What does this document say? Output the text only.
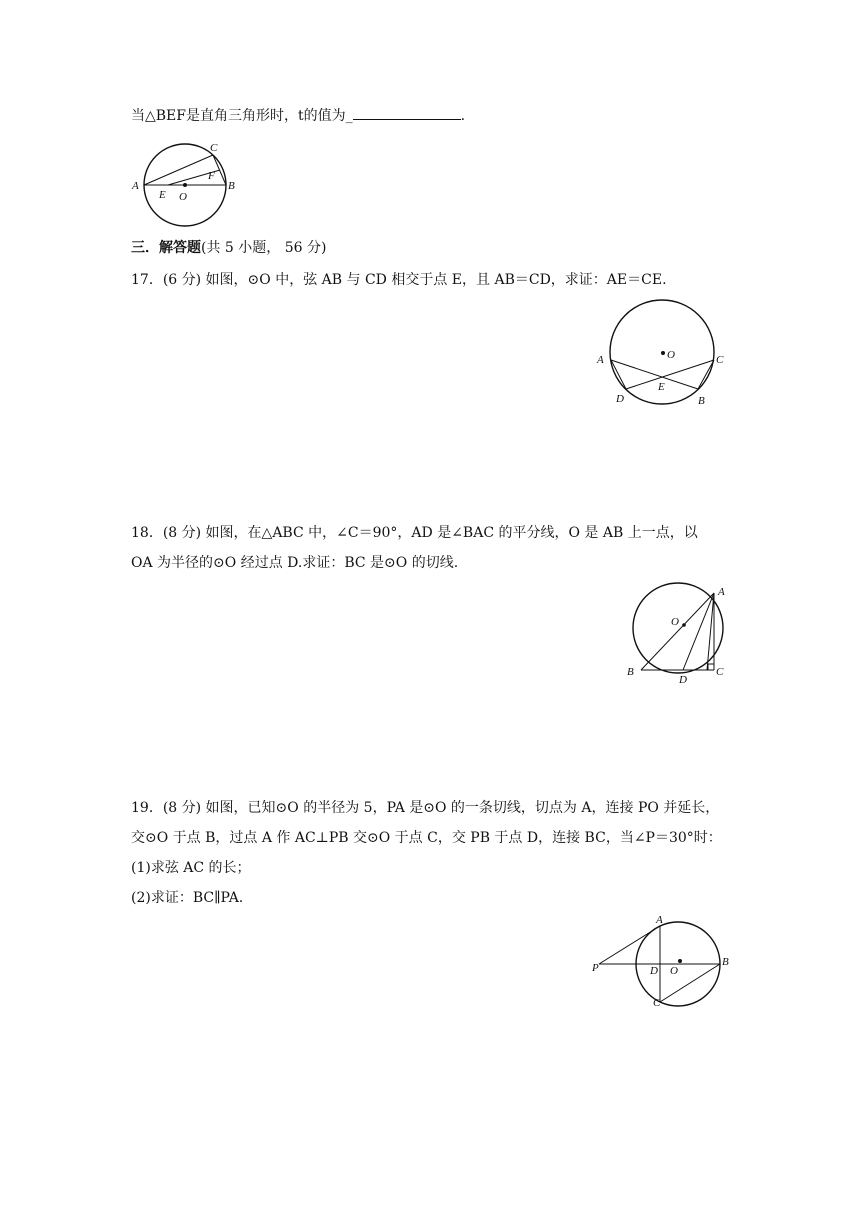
当△BEF是直角三角形时，t的值为_	.
A
C
F
B
E O
三．解答题(共 5 小题， 56 分)
17．(6 分) 如图，⊙O 中，弦 AB 与 CD 相交于点 E，且 AB＝CD，求证：AE＝CE.
O
A	C
E
D	B
18．(8 分) 如图，在△ABC 中，∠C＝90°，AD 是∠BAC 的平分线，O 是 AB 上一点，以
OA 为半径的⊙O 经过点 D.求证：BC 是⊙O 的切线.
A
O
B
D
C
19．(8 分) 如图，已知⊙O 的半径为 5，PA 是⊙O 的一条切线，切点为 A，连接 PO 并延长，
交⊙O 于点 B，过点 A 作 AC⊥PB 交⊙O 于点 C，交 PB 于点 D，连接 BC，当∠P＝30°时：
(1)求弦 AC 的长；
(2)求证：BC∥PA.
A
P	D O
B
C
